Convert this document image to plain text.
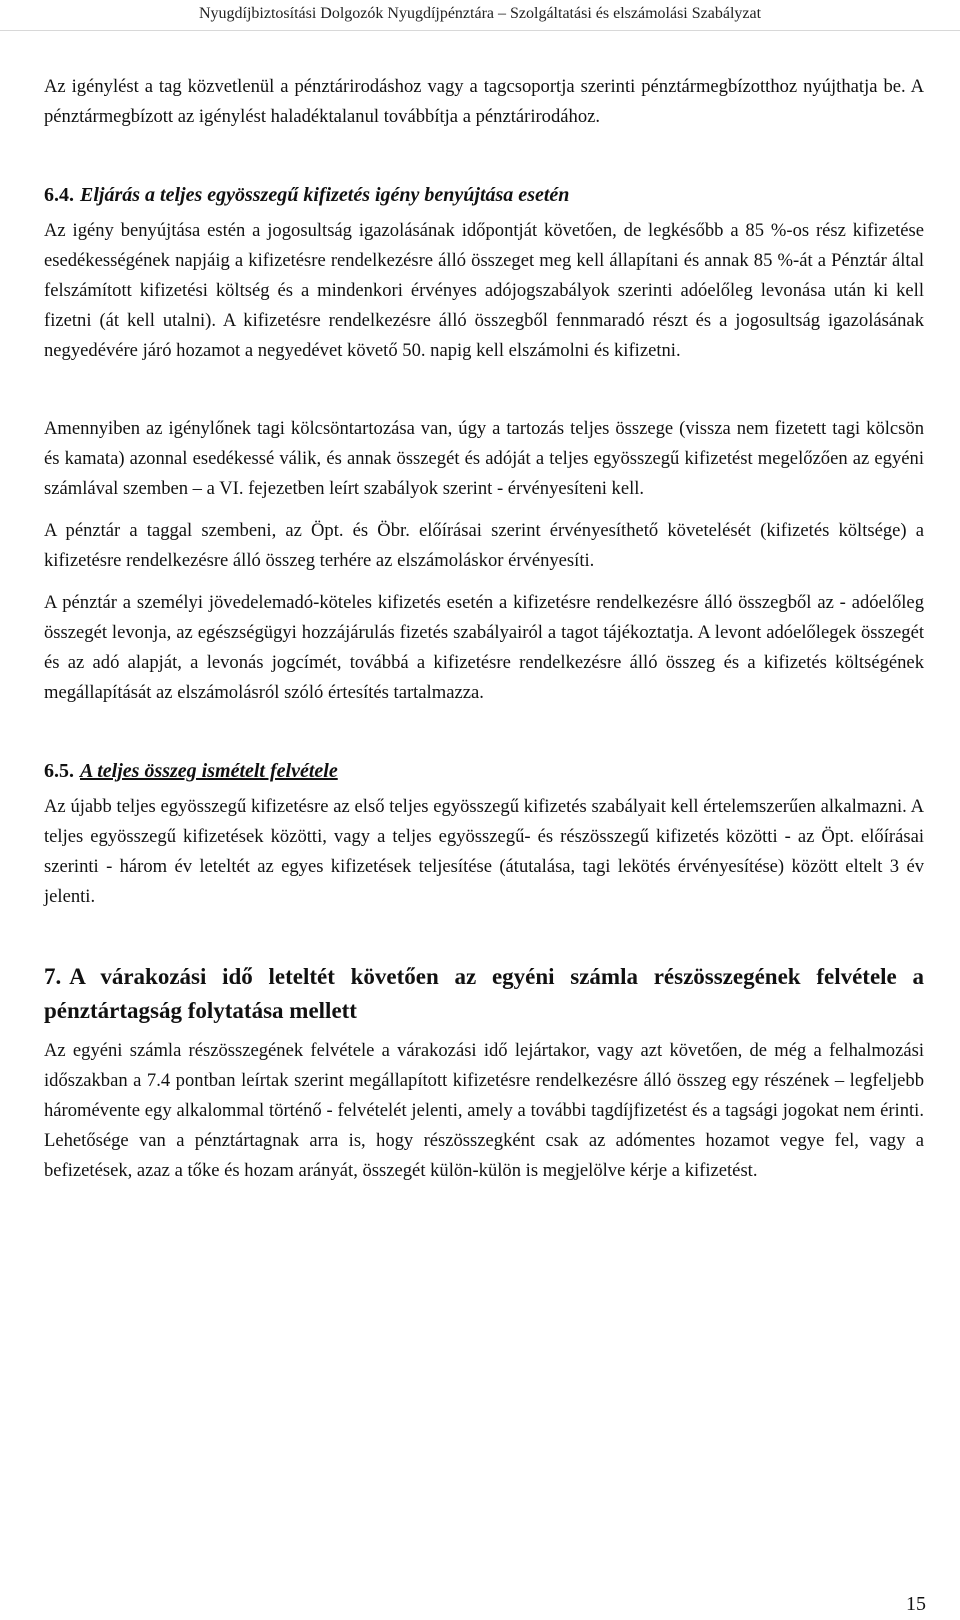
Nyugdíjbiztosítási Dolgozók Nyugdíjpénztára – Szolgáltatási és elszámolási Szabályzat

Az igénylést a tag közvetlenül a pénztárirodáshoz vagy a tagcsoportja szerinti pénztármegbízotthoz nyújthatja be. A pénztármegbízott az igénylést haladéktalanul továbbítja a pénztárirodához.

6.4. Eljárás a teljes egyösszegű kifizetés igény benyújtása esetén

Az igény benyújtása estén a jogosultság igazolásának időpontját követően, de legkésőbb a 85 %-os rész kifizetése esedékességének napjáig a kifizetésre rendelkezésre álló összeget meg kell állapítani és annak 85 %-át a Pénztár által felszámított kifizetési költség és a mindenkori érvényes adójogszabályok szerinti adóelőleg levonása után ki kell fizetni (át kell utalni). A kifizetésre rendelkezésre álló összegből fennmaradó részt és a jogosultság igazolásának negyedévére járó hozamot a negyedévet követő 50. napig kell elszámolni és kifizetni.

Amennyiben az igénylőnek tagi kölcsöntartozása van, úgy a tartozás teljes összege (vissza nem fizetett tagi kölcsön és kamata) azonnal esedékessé válik, és annak összegét és adóját a teljes egyösszegű kifizetést megelőzően az egyéni számlával szemben – a VI. fejezetben leírt szabályok szerint - érvényesíteni kell.

A pénztár a taggal szembeni, az Öpt. és Öbr. előírásai szerint érvényesíthető követelését (kifizetés költsége) a kifizetésre rendelkezésre álló összeg terhére az elszámoláskor érvényesíti.

A pénztár a személyi jövedelemadó-köteles kifizetés esetén a kifizetésre rendelkezésre álló összegből az - adóelőleg összegét levonja, az egészségügyi hozzájárulás fizetés szabályairól a tagot tájékoztatja. A levont adóelőlegek összegét és az adó alapját, a levonás jogcímét, továbbá a kifizetésre rendelkezésre álló összeg és a kifizetés költségének megállapítását az elszámolásról szóló értesítés tartalmazza.

6.5. A teljes összeg ismételt felvétele

Az újabb teljes egyösszegű kifizetésre az első teljes egyösszegű kifizetés szabályait kell értelemszerűen alkalmazni. A teljes egyösszegű kifizetések közötti, vagy a teljes egyösszegű- és részösszegű kifizetés közötti - az Öpt. előírásai szerinti - három év leteltét az egyes kifizetések teljesítése (átutalása, tagi lekötés érvényesítése) között eltelt 3 év jelenti.

7. A várakozási idő leteltét követően az egyéni számla részösszegének felvétele a pénztártagság folytatása mellett

Az egyéni számla részösszegének felvétele a várakozási idő lejártakor, vagy azt követően, de még a felhalmozási időszakban a 7.4 pontban leírtak szerint megállapított kifizetésre rendelkezésre álló összeg egy részének – legfeljebb háromévente egy alkalommal történő - felvételét jelenti, amely a további tagdíjfizetést és a tagsági jogokat nem érinti. Lehetősége van a pénztártagnak arra is, hogy részösszegként csak az adómentes hozamot vegye fel, vagy a befizetések, azaz a tőke és hozam arányát, összegét külön-külön is megjelölve kérje a kifizetést.

15
